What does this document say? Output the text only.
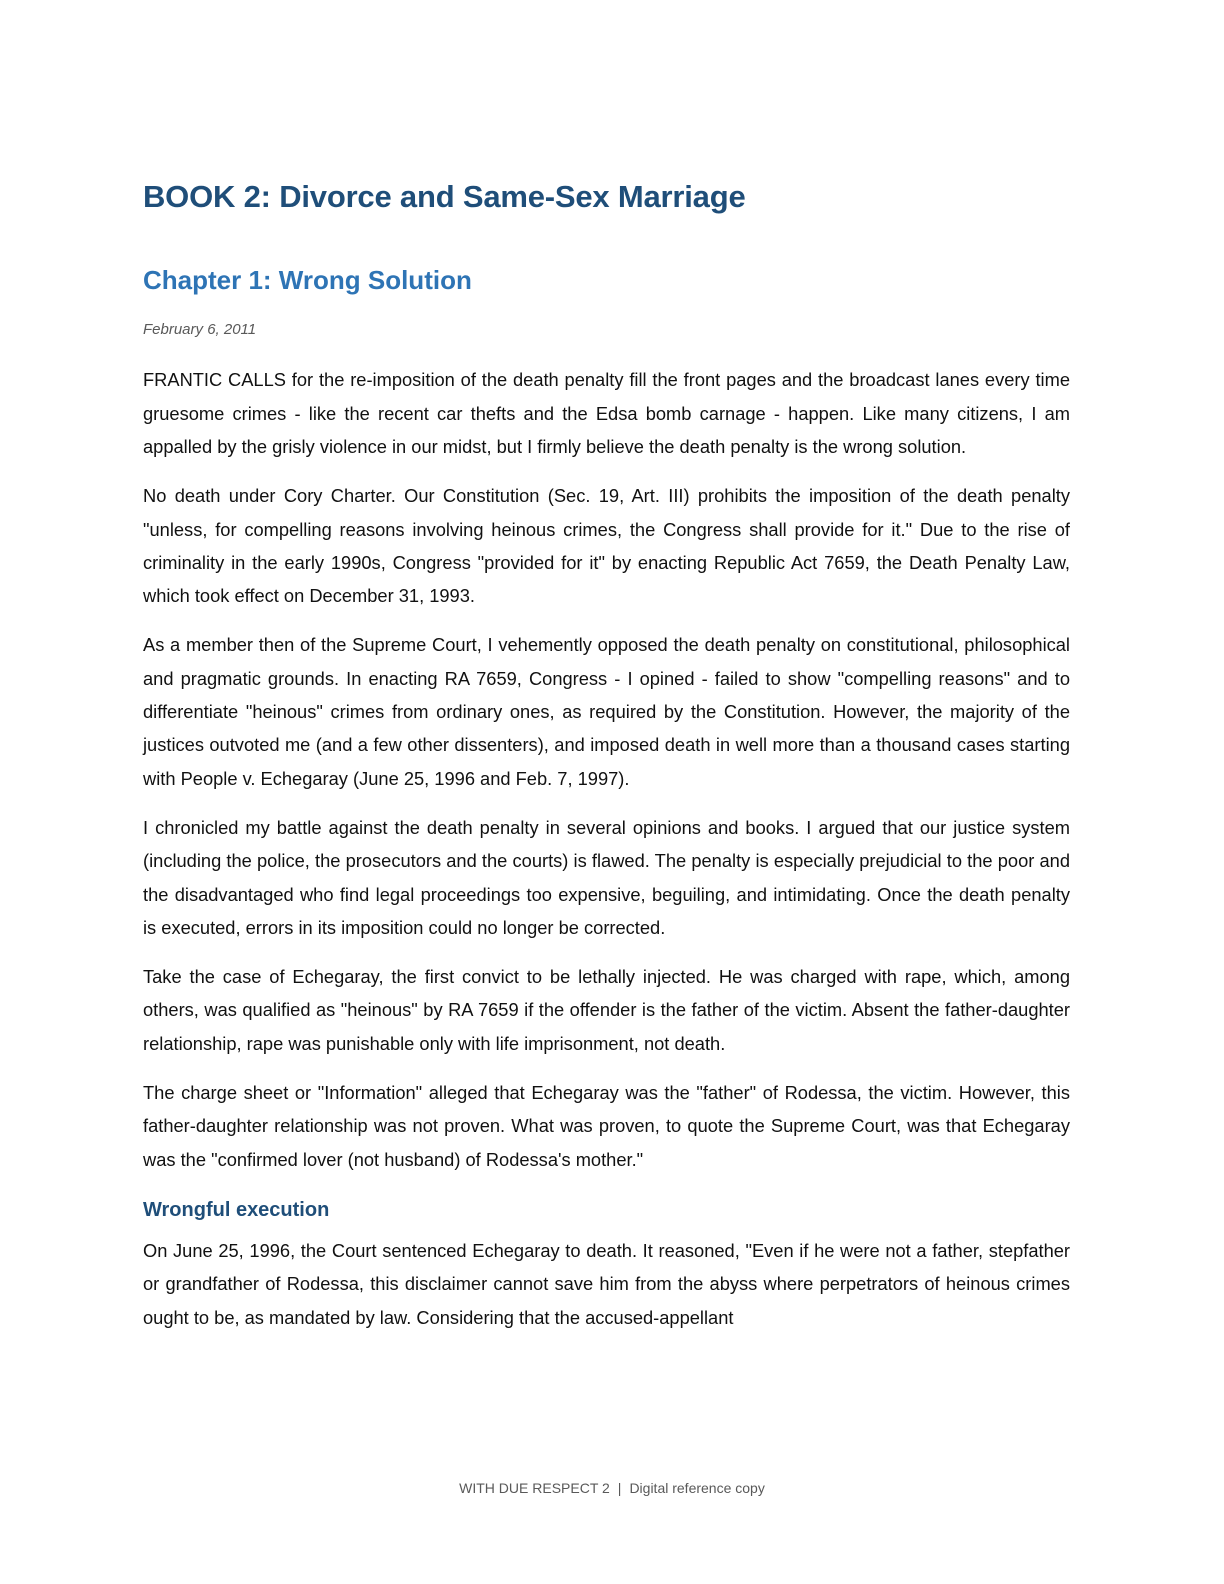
BOOK 2: Divorce and Same-Sex Marriage
Chapter 1: Wrong Solution
February 6, 2011

FRANTIC CALLS for the re-imposition of the death penalty fill the front pages and the broadcast lanes every time gruesome crimes - like the recent car thefts and the Edsa bomb carnage - happen. Like many citizens, I am appalled by the grisly violence in our midst, but I firmly believe the death penalty is the wrong solution.

No death under Cory Charter. Our Constitution (Sec. 19, Art. III) prohibits the imposition of the death penalty "unless, for compelling reasons involving heinous crimes, the Congress shall provide for it." Due to the rise of criminality in the early 1990s, Congress "provided for it" by enacting Republic Act 7659, the Death Penalty Law, which took effect on December 31, 1993.

As a member then of the Supreme Court, I vehemently opposed the death penalty on constitutional, philosophical and pragmatic grounds. In enacting RA 7659, Congress - I opined - failed to show "compelling reasons" and to differentiate "heinous" crimes from ordinary ones, as required by the Constitution. However, the majority of the justices outvoted me (and a few other dissenters), and imposed death in well more than a thousand cases starting with People v. Echegaray (June 25, 1996 and Feb. 7, 1997).

I chronicled my battle against the death penalty in several opinions and books. I argued that our justice system (including the police, the prosecutors and the courts) is flawed. The penalty is especially prejudicial to the poor and the disadvantaged who find legal proceedings too expensive, beguiling, and intimidating. Once the death penalty is executed, errors in its imposition could no longer be corrected.

Take the case of Echegaray, the first convict to be lethally injected. He was charged with rape, which, among others, was qualified as "heinous" by RA 7659 if the offender is the father of the victim. Absent the father-daughter relationship, rape was punishable only with life imprisonment, not death.

The charge sheet or "Information" alleged that Echegaray was the "father" of Rodessa, the victim. However, this father-daughter relationship was not proven. What was proven, to quote the Supreme Court, was that Echegaray was the "confirmed lover (not husband) of Rodessa's mother."

Wrongful execution

On June 25, 1996, the Court sentenced Echegaray to death. It reasoned, "Even if he were not a father, stepfather or grandfather of Rodessa, this disclaimer cannot save him from the abyss where perpetrators of heinous crimes ought to be, as mandated by law. Considering that the accused-appellant

WITH DUE RESPECT 2 | Digital reference copy
